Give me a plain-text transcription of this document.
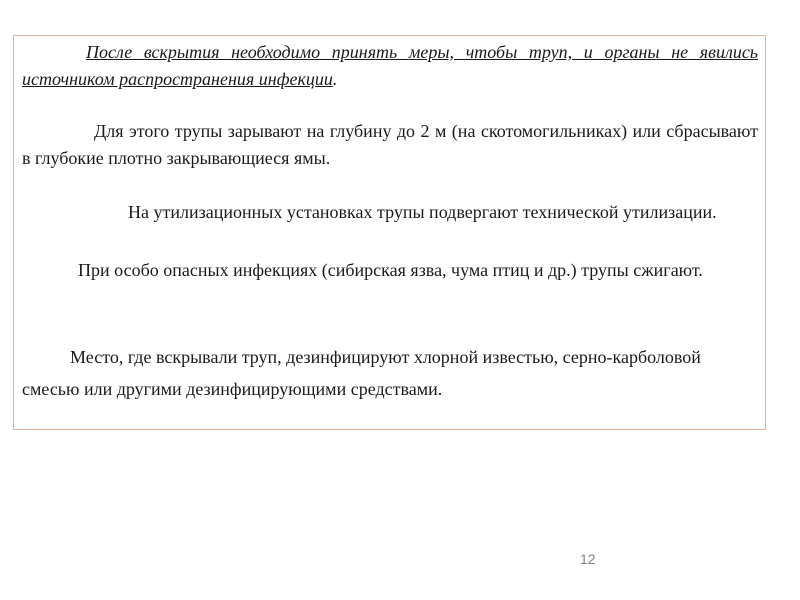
После вскрытия необходимо принять меры, чтобы труп, и органы не явились источником распространения инфекции.

Для этого трупы зарывают на глубину до 2 м (на скотомогильниках) или сбрасывают в глубокие плотно закрывающиеся ямы.

На утилизационных установках трупы подвергают технической утилизации.

При особо опасных инфекциях (сибирская язва, чума птиц и др.) трупы сжигают.

Место, где вскрывали труп, дезинфицируют хлорной известью, серно-карболовой смесью или другими дезинфицирующими средствами.

12
